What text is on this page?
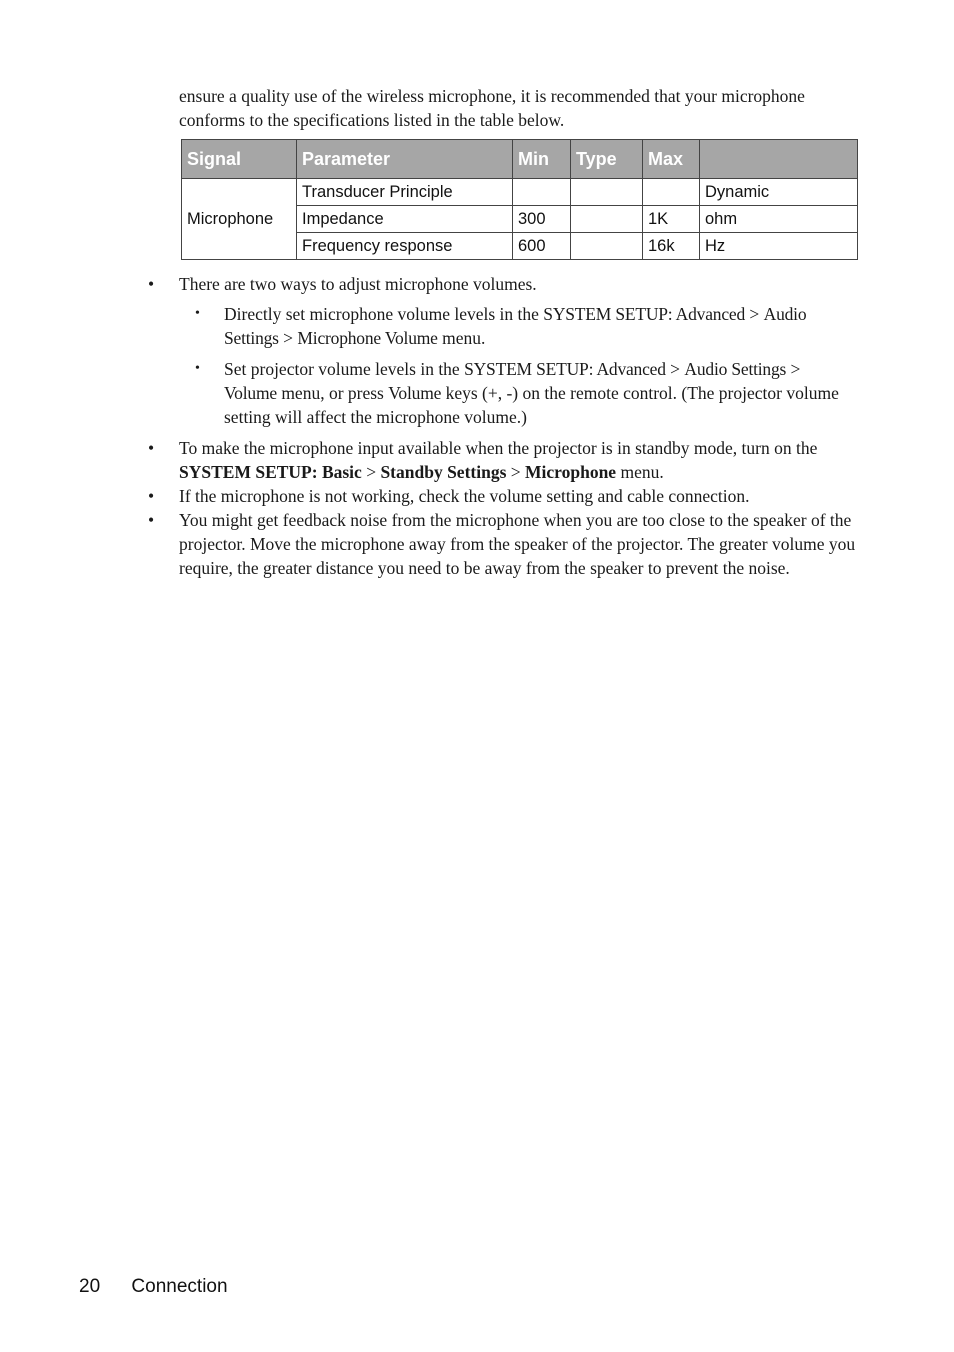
ensure a quality use of the wireless microphone, it is recommended that your microphone conforms to the specifications listed in the table below.

Signal	Parameter	Min	Type	Max	
Microphone	Transducer Principle				Dynamic
	Impedance	300		1K	ohm
	Frequency response	600		16k	Hz
• There are two ways to adjust microphone volumes.
• Directly set microphone volume levels in the SYSTEM SETUP: Advanced > Audio Settings > Microphone Volume menu.
• Set projector volume levels in the SYSTEM SETUP: Advanced > Audio Settings > Volume menu, or press Volume keys (+, -) on the remote control. (The projector volume setting will affect the microphone volume.)
• To make the microphone input available when the projector is in standby mode, turn on the SYSTEM SETUP: Basic > Standby Settings > Microphone menu.
• If the microphone is not working, check the volume setting and cable connection.
• You might get feedback noise from the microphone when you are too close to the speaker of the projector. Move the microphone away from the speaker of the projector. The greater volume you require, the greater distance you need to be away from the speaker to prevent the noise.
20 Connection
